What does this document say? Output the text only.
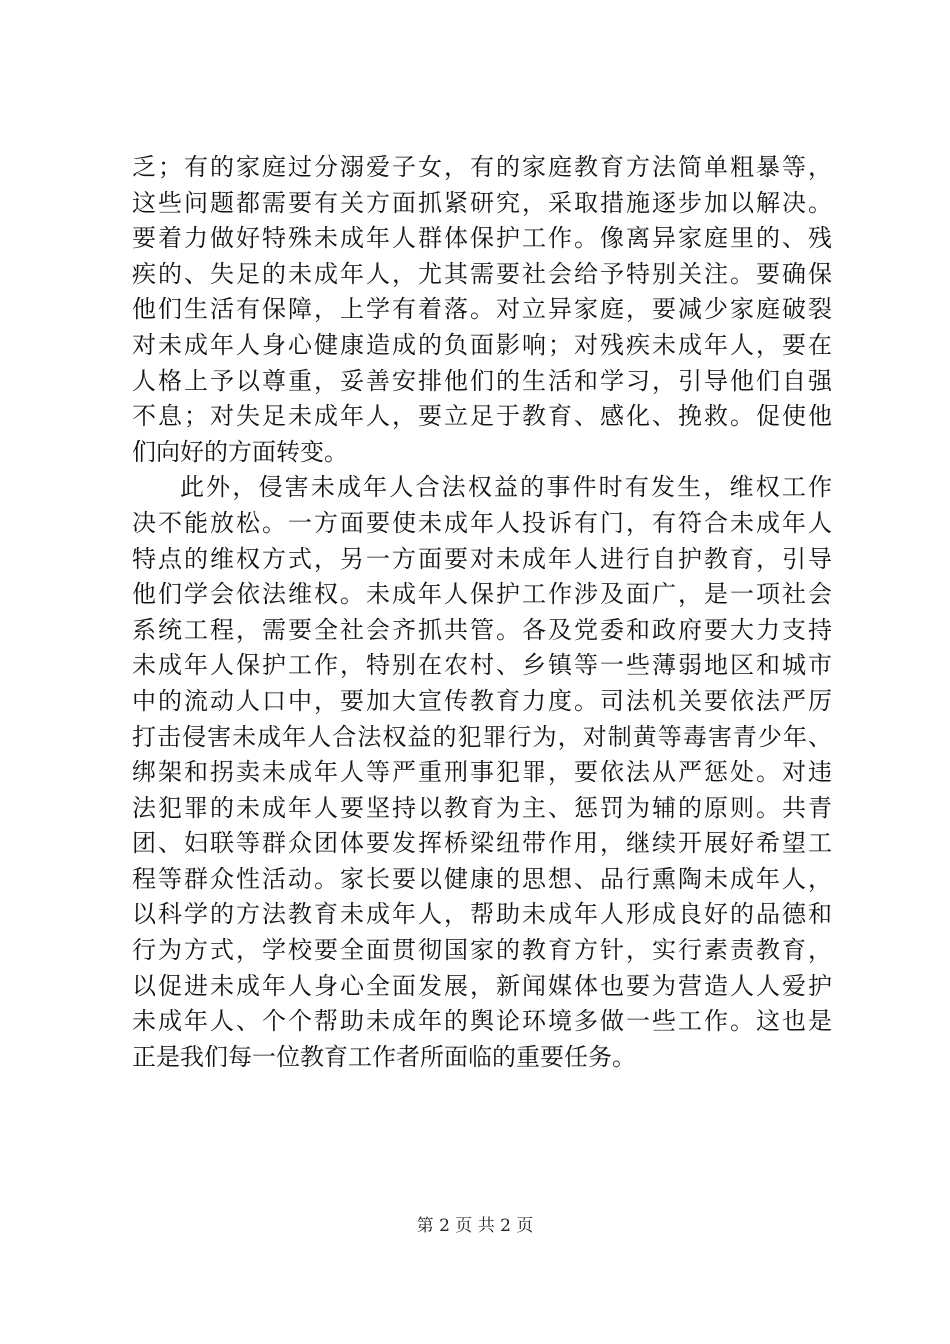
乏；有的家庭过分溺爱子女，有的家庭教育方法简单粗暴等，
这些问题都需要有关方面抓紧研究，采取措施逐步加以解决。
要着力做好特殊未成年人群体保护工作。像离异家庭里的、残
疾的、失足的未成年人，尤其需要社会给予特别关注。要确保
他们生活有保障，上学有着落。对立异家庭，要减少家庭破裂
对未成年人身心健康造成的负面影响；对残疾未成年人，要在
人格上予以尊重，妥善安排他们的生活和学习，引导他们自强
不息；对失足未成年人，要立足于教育、感化、挽救。促使他
们向好的方面转变。
此外，侵害未成年人合法权益的事件时有发生，维权工作
决不能放松。一方面要使未成年人投诉有门，有符合未成年人
特点的维权方式，另一方面要对未成年人进行自护教育，引导
他们学会依法维权。未成年人保护工作涉及面广，是一项社会
系统工程，需要全社会齐抓共管。各及党委和政府要大力支持
未成年人保护工作，特别在农村、乡镇等一些薄弱地区和城市
中的流动人口中，要加大宣传教育力度。司法机关要依法严厉
打击侵害未成年人合法权益的犯罪行为，对制黄等毒害青少年、
绑架和拐卖未成年人等严重刑事犯罪，要依法从严惩处。对违
法犯罪的未成年人要坚持以教育为主、惩罚为辅的原则。共青
团、妇联等群众团体要发挥桥梁纽带作用，继续开展好希望工
程等群众性活动。家长要以健康的思想、品行熏陶未成年人，
以科学的方法教育未成年人，帮助未成年人形成良好的品德和
行为方式，学校要全面贯彻国家的教育方针，实行素责教育，
以促进未成年人身心全面发展，新闻媒体也要为营造人人爱护
未成年人、个个帮助未成年的舆论环境多做一些工作。这也是
正是我们每一位教育工作者所面临的重要任务。
第 2 页 共 2 页
